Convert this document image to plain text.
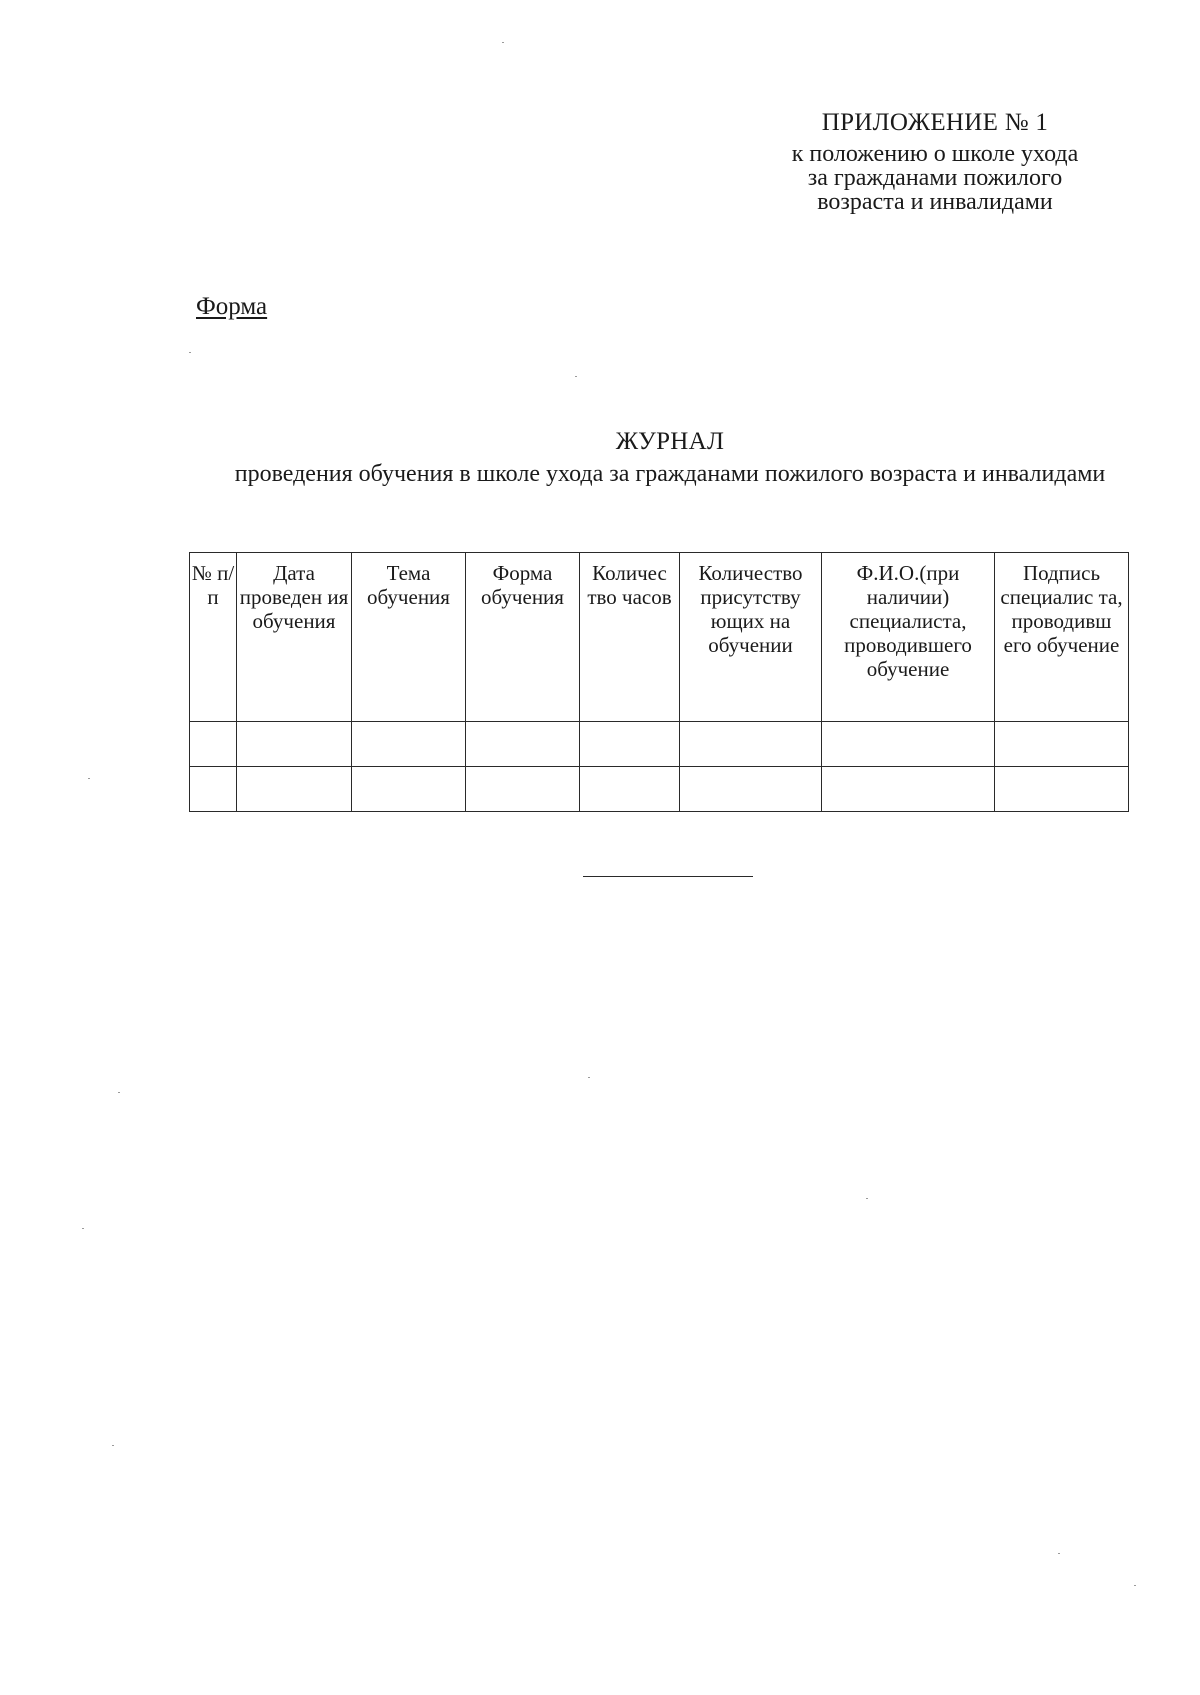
ПРИЛОЖЕНИЕ № 1
к положению о школе ухода
за гражданами пожилого
возраста и инвалидами
Форма
ЖУРНАЛ
проведения обучения в школе ухода за гражданами пожилого возраста и инвалидами
№ п/п	Дата проведен ия обучения	Тема обучения	Форма обучения	Количес тво часов	Количество присутству ющих на обучении	Ф.И.О.(при наличии) специалиста, проводившего обучение	Подпись специалис та, проводивш его обучение
